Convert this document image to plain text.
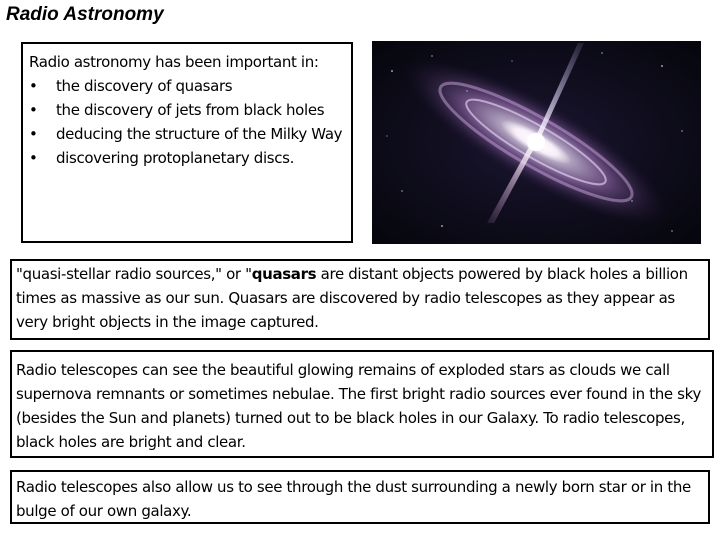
Radio Astronomy
Radio astronomy has been important in:
• the discovery of quasars
• the discovery of jets from black holes
• deducing the structure of the Milky Way
• discovering protoplanetary discs.

"quasi-stellar radio sources," or "quasars are distant objects powered by black holes a billion times as massive as our sun. Quasars are discovered by radio telescopes as they appear as very bright objects in the image captured.

Radio telescopes can see the beautiful glowing remains of exploded stars as clouds we call supernova remnants or sometimes nebulae. The first bright radio sources ever found in the sky (besides the Sun and planets) turned out to be black holes in our Galaxy. To radio telescopes, black holes are bright and clear.

Radio telescopes also allow us to see through the dust surrounding a newly born star or in the bulge of our own galaxy.
